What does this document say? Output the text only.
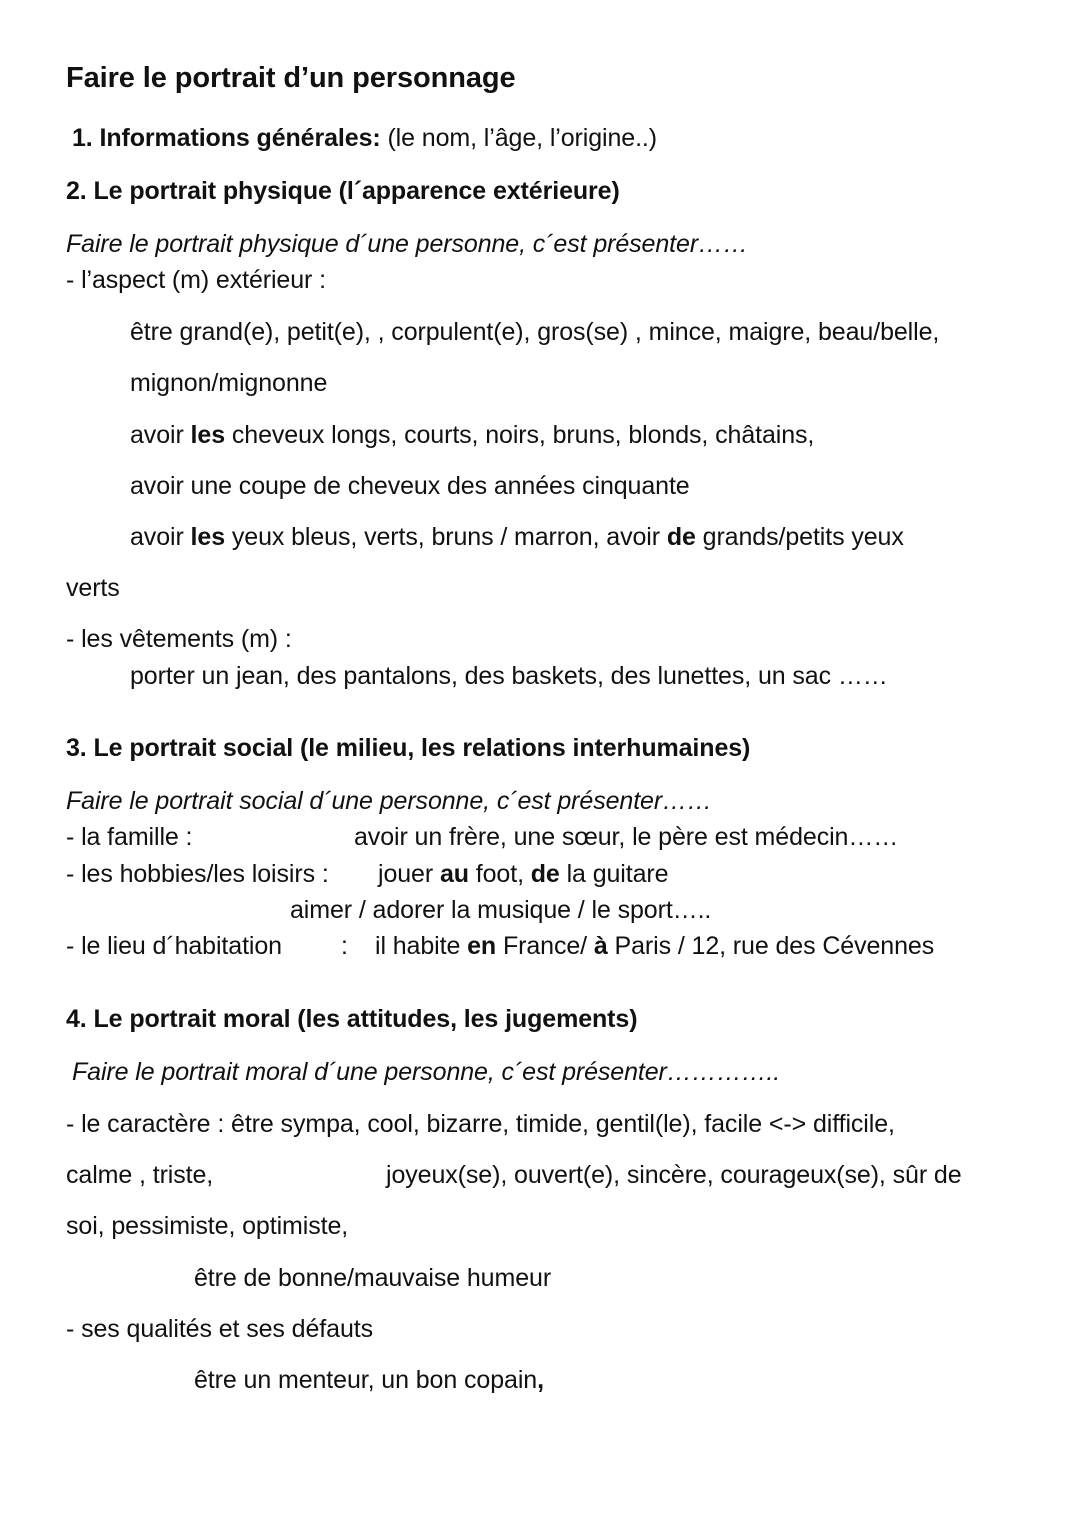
Faire le portrait d’un personnage
1. Informations générales: (le nom, l’âge, l’origine..)
2. Le portrait physique (l´apparence extérieure)
Faire le portrait physique d´une personne, c´est présenter……
- l’aspect (m) extérieur :
être grand(e), petit(e), , corpulent(e), gros(se) , mince, maigre, beau/belle,
mignon/mignonne
avoir les cheveux longs, courts, noirs, bruns, blonds, châtains,
avoir une coupe de cheveux des années cinquante
avoir les yeux bleus, verts, bruns / marron, avoir de grands/petits yeux
verts
- les vêtements (m) :
porter un jean, des pantalons, des baskets, des lunettes, un sac ……
3. Le portrait social (le milieu, les relations interhumaines)
Faire le portrait social d´une personne, c´est présenter……
- la famille :	avoir un frère, une sœur, le père est médecin……
- les hobbies/les loisirs : jouer au foot, de la guitare
aimer / adorer la musique / le sport…..
- le lieu d´habitation : il habite en France/ à Paris / 12, rue des Cévennes
4. Le portrait moral (les attitudes, les jugements)
Faire le portrait moral d´une personne, c´est présenter…………..
- le caractère : être sympa, cool, bizarre, timide, gentil(le), facile <-> difficile,
calme , triste,	joyeux(se), ouvert(e), sincère, courageux(se), sûr de
soi, pessimiste, optimiste,
être de bonne/mauvaise humeur
- ses qualités et ses défauts
être un menteur, un bon copain,
